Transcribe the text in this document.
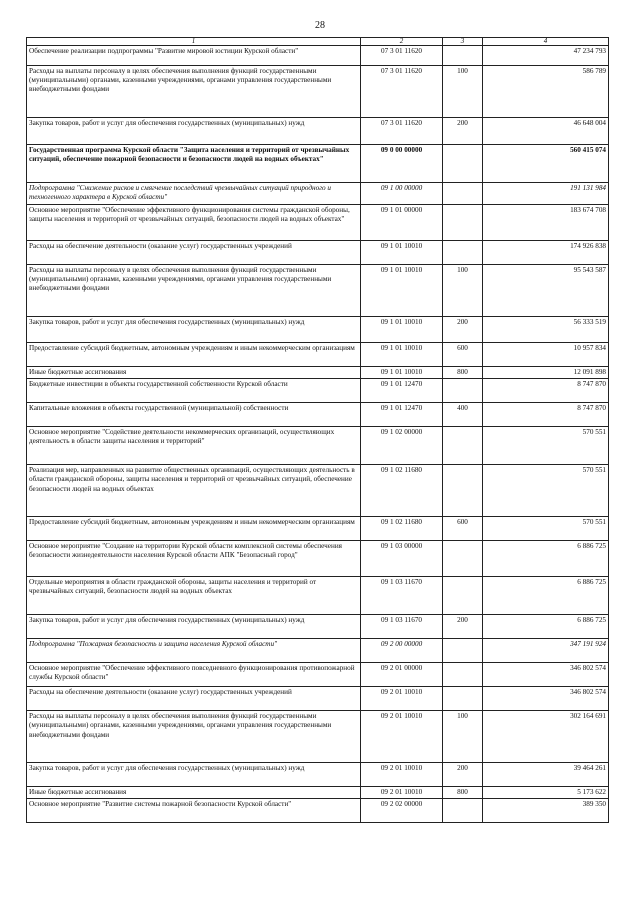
28
1	2	3	4
Обеспечение реализации подпрограммы "Развитие мировой юстиции Курской области"	07 3 01 11620		47 234 793
Расходы на выплаты персоналу в целях обеспечения выполнения функций государственными (муниципальными) органами, казенными учреждениями, органами управления государственными внебюджетными фондами	07 3 01 11620	100	586 789
Закупка товаров, работ и услуг для обеспечения государственных (муниципальных) нужд	07 3 01 11620	200	46 648 004
Государственная программа Курской области "Защита населения и территорий от чрезвычайных ситуаций, обеспечение пожарной безопасности и безопасности людей на водных объектах"	09 0 00 00000		560 415 074
Подпрограмма "Снижение рисков и смягчение последствий чрезвычайных ситуаций природного и техногенного характера в Курской области"	09 1 00 00000		191 131 984
Основное мероприятие "Обеспечение эффективного функционирования системы гражданской обороны, защиты населения и территорий от чрезвычайных ситуаций, безопасности людей на водных объектах"	09 1 01 00000		183 674 708
Расходы на обеспечение деятельности (оказание услуг) государственных учреждений	09 1 01 10010		174 926 838
Расходы на выплаты персоналу в целях обеспечения выполнения функций государственными (муниципальными) органами, казенными учреждениями, органами управления государственными внебюджетными фондами	09 1 01 10010	100	95 543 587
Закупка товаров, работ и услуг для обеспечения государственных (муниципальных) нужд	09 1 01 10010	200	56 333 519
Предоставление субсидий бюджетным, автономным учреждениям и иным некоммерческим организациям	09 1 01 10010	600	10 957 834
Иные бюджетные ассигнования	09 1 01 10010	800	12 091 898
Бюджетные инвестиции в объекты государственной собственности Курской области	09 1 01 12470		8 747 870
Капитальные вложения в объекты государственной (муниципальной) собственности	09 1 01 12470	400	8 747 870
Основное мероприятие "Содействие деятельности некоммерческих организаций, осуществляющих деятельность в области защиты населения и территорий"	09 1 02 00000		570 551
Реализация мер, направленных на развитие общественных организаций, осуществляющих деятельность в области гражданской обороны, защиты населения и территорий от чрезвычайных ситуаций, обеспечение безопасности людей на водных объектах	09 1 02 11680		570 551
Предоставление субсидий бюджетным, автономным учреждениям и иным некоммерческим организациям	09 1 02 11680	600	570 551
Основное мероприятие "Создание на территории Курской области комплексной системы обеспечения безопасности жизнедеятельности населения Курской области АПК "Безопасный город"	09 1 03 00000		6 886 725
Отдельные мероприятия в области гражданской обороны, защиты населения и территорий от чрезвычайных ситуаций, безопасности людей на водных объектах	09 1 03 11670		6 886 725
Закупка товаров, работ и услуг для обеспечения государственных (муниципальных) нужд	09 1 03 11670	200	6 886 725
Подпрограмма "Пожарная безопасность и защита населения Курской области"	09 2 00 00000		347 191 924
Основное мероприятие "Обеспечение эффективного повседневного функционирования противопожарной службы Курской области"	09 2 01 00000		346 802 574
Расходы на обеспечение деятельности (оказание услуг) государственных учреждений	09 2 01 10010		346 802 574
Расходы на выплаты персоналу в целях обеспечения выполнения функций государственными (муниципальными) органами, казенными учреждениями, органами управления государственными внебюджетными фондами	09 2 01 10010	100	302 164 691
Закупка товаров, работ и услуг для обеспечения государственных (муниципальных) нужд	09 2 01 10010	200	39 464 261
Иные бюджетные ассигнования	09 2 01 10010	800	5 173 622
Основное мероприятие "Развитие системы пожарной безопасности Курской области"	09 2 02 00000		389 350
